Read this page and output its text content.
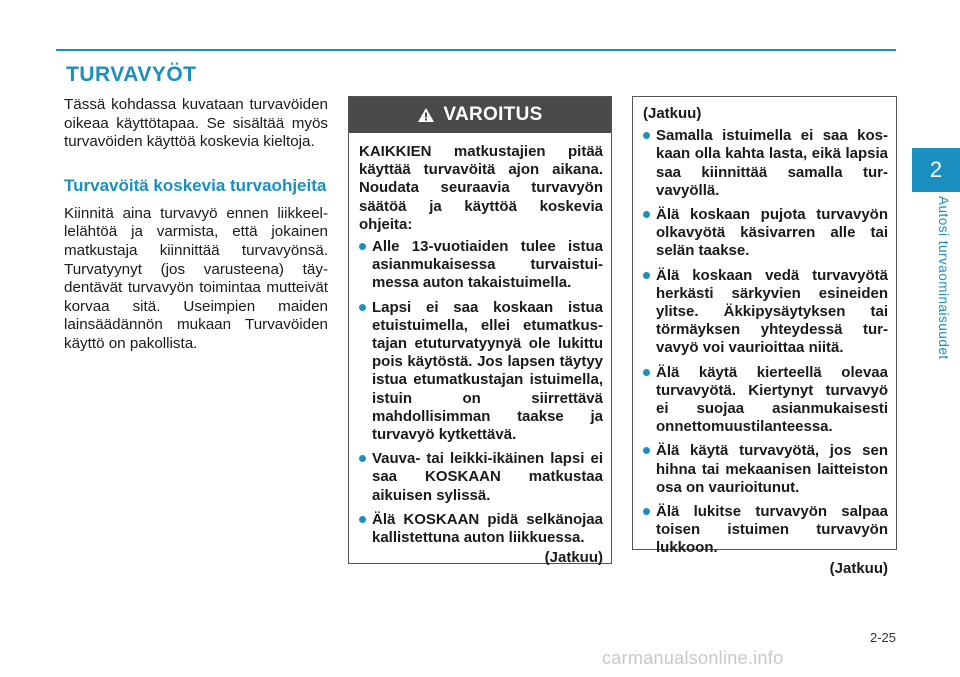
TURVAVYÖT

Tässä kohdassa kuvataan turvavöiden oikeaa käyttötapaa. Se sisältää myös turvavöiden käyttöä koskevia kieltoja.

Turvavöitä koskevia turvaohjeita

Kiinnitä aina turvavyö ennen liikkeellelähtöä ja varmista, että jokainen matkustaja kiinnittää turvavyönsä. Turvatyynyt (jos varusteena) täydentävät turvavyön toimintaa mutteivät korvaa sitä. Useimpien maiden lainsäädännön mukaan Turvavöiden käyttö on pakollista.

VAROITUS

KAIKKIEN matkustajien pitää käyttää turvavöitä ajon aikana. Noudata seuraavia turvavyön säätöä ja käyttöä koskevia ohjeita:

Alle 13-vuotiaiden tulee istua asianmukaisessa turvaistuimessa auton takaistuimella.
Lapsi ei saa koskaan istua etuistuimella, ellei etumatkustajan etuturvatyynyä ole lukittu pois käytöstä. Jos lapsen täytyy istua etumatkustajan istuimella, istuin on siirrettävä mahdollisimman taakse ja turvavyö kytkettävä.
Vauva- tai leikki-ikäinen lapsi ei saa KOSKAAN matkustaa aikuisen sylissä.
Älä KOSKAAN pidä selkänojaa kallistettuna auton liikkuessa.

(Jatkuu)

(Jatkuu)

Samalla istuimella ei saa koskaan olla kahta lasta, eikä lapsia saa kiinnittää samalla turvavyöllä.
Älä koskaan pujota turvavyön olkavyötä käsivarren alle tai selän taakse.
Älä koskaan vedä turvavyötä herkästi särkyvien esineiden ylitse. Äkkipysäytyksen tai törmäyksen yhteydessä turvavyö voi vaurioittaa niitä.
Älä käytä kierteellä olevaa turvavyötä. Kiertynyt turvavyö ei suojaa asianmukaisesti onnettomuustilanteessa.
Älä käytä turvavyötä, jos sen hihna tai mekaanisen laitteiston osa on vaurioitunut.
Älä lukitse turvavyön salpaa toisen istuimen turvavyön lukkoon.

(Jatkuu)

2
Autosi turvaominaisuudet
2-25
carmanualsonline.info
